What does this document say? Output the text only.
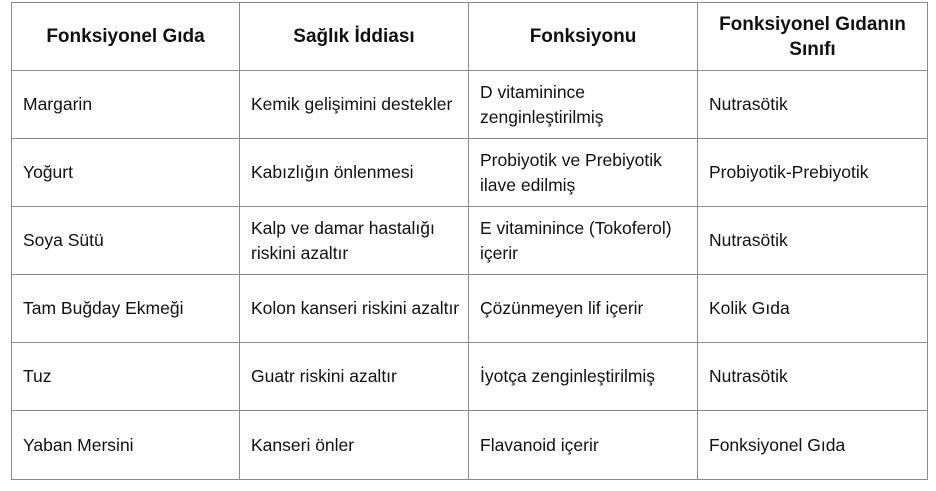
Fonksiyonel Gıda	Sağlık İddiası	Fonksiyonu	Fonksiyonel Gıdanın Sınıfı
Margarin	Kemik gelişimini destekler	D vitaminince zenginleştirilmiş	Nutrasötik
Yoğurt	Kabızlığın önlenmesi	Probiyotik ve Prebiyotik ilave edilmiş	Probiyotik-Prebiyotik
Soya Sütü	Kalp ve damar hastalığı riskini azaltır	E vitaminince (Tokoferol) içerir	Nutrasötik
Tam Buğday Ekmeği	Kolon kanseri riskini azaltır	Çözünmeyen lif içerir	Kolik Gıda
Tuz	Guatr riskini azaltır	İyotça zenginleştirilmiş	Nutrasötik
Yaban Mersini	Kanseri önler	Flavanoid içerir	Fonksiyonel Gıda
